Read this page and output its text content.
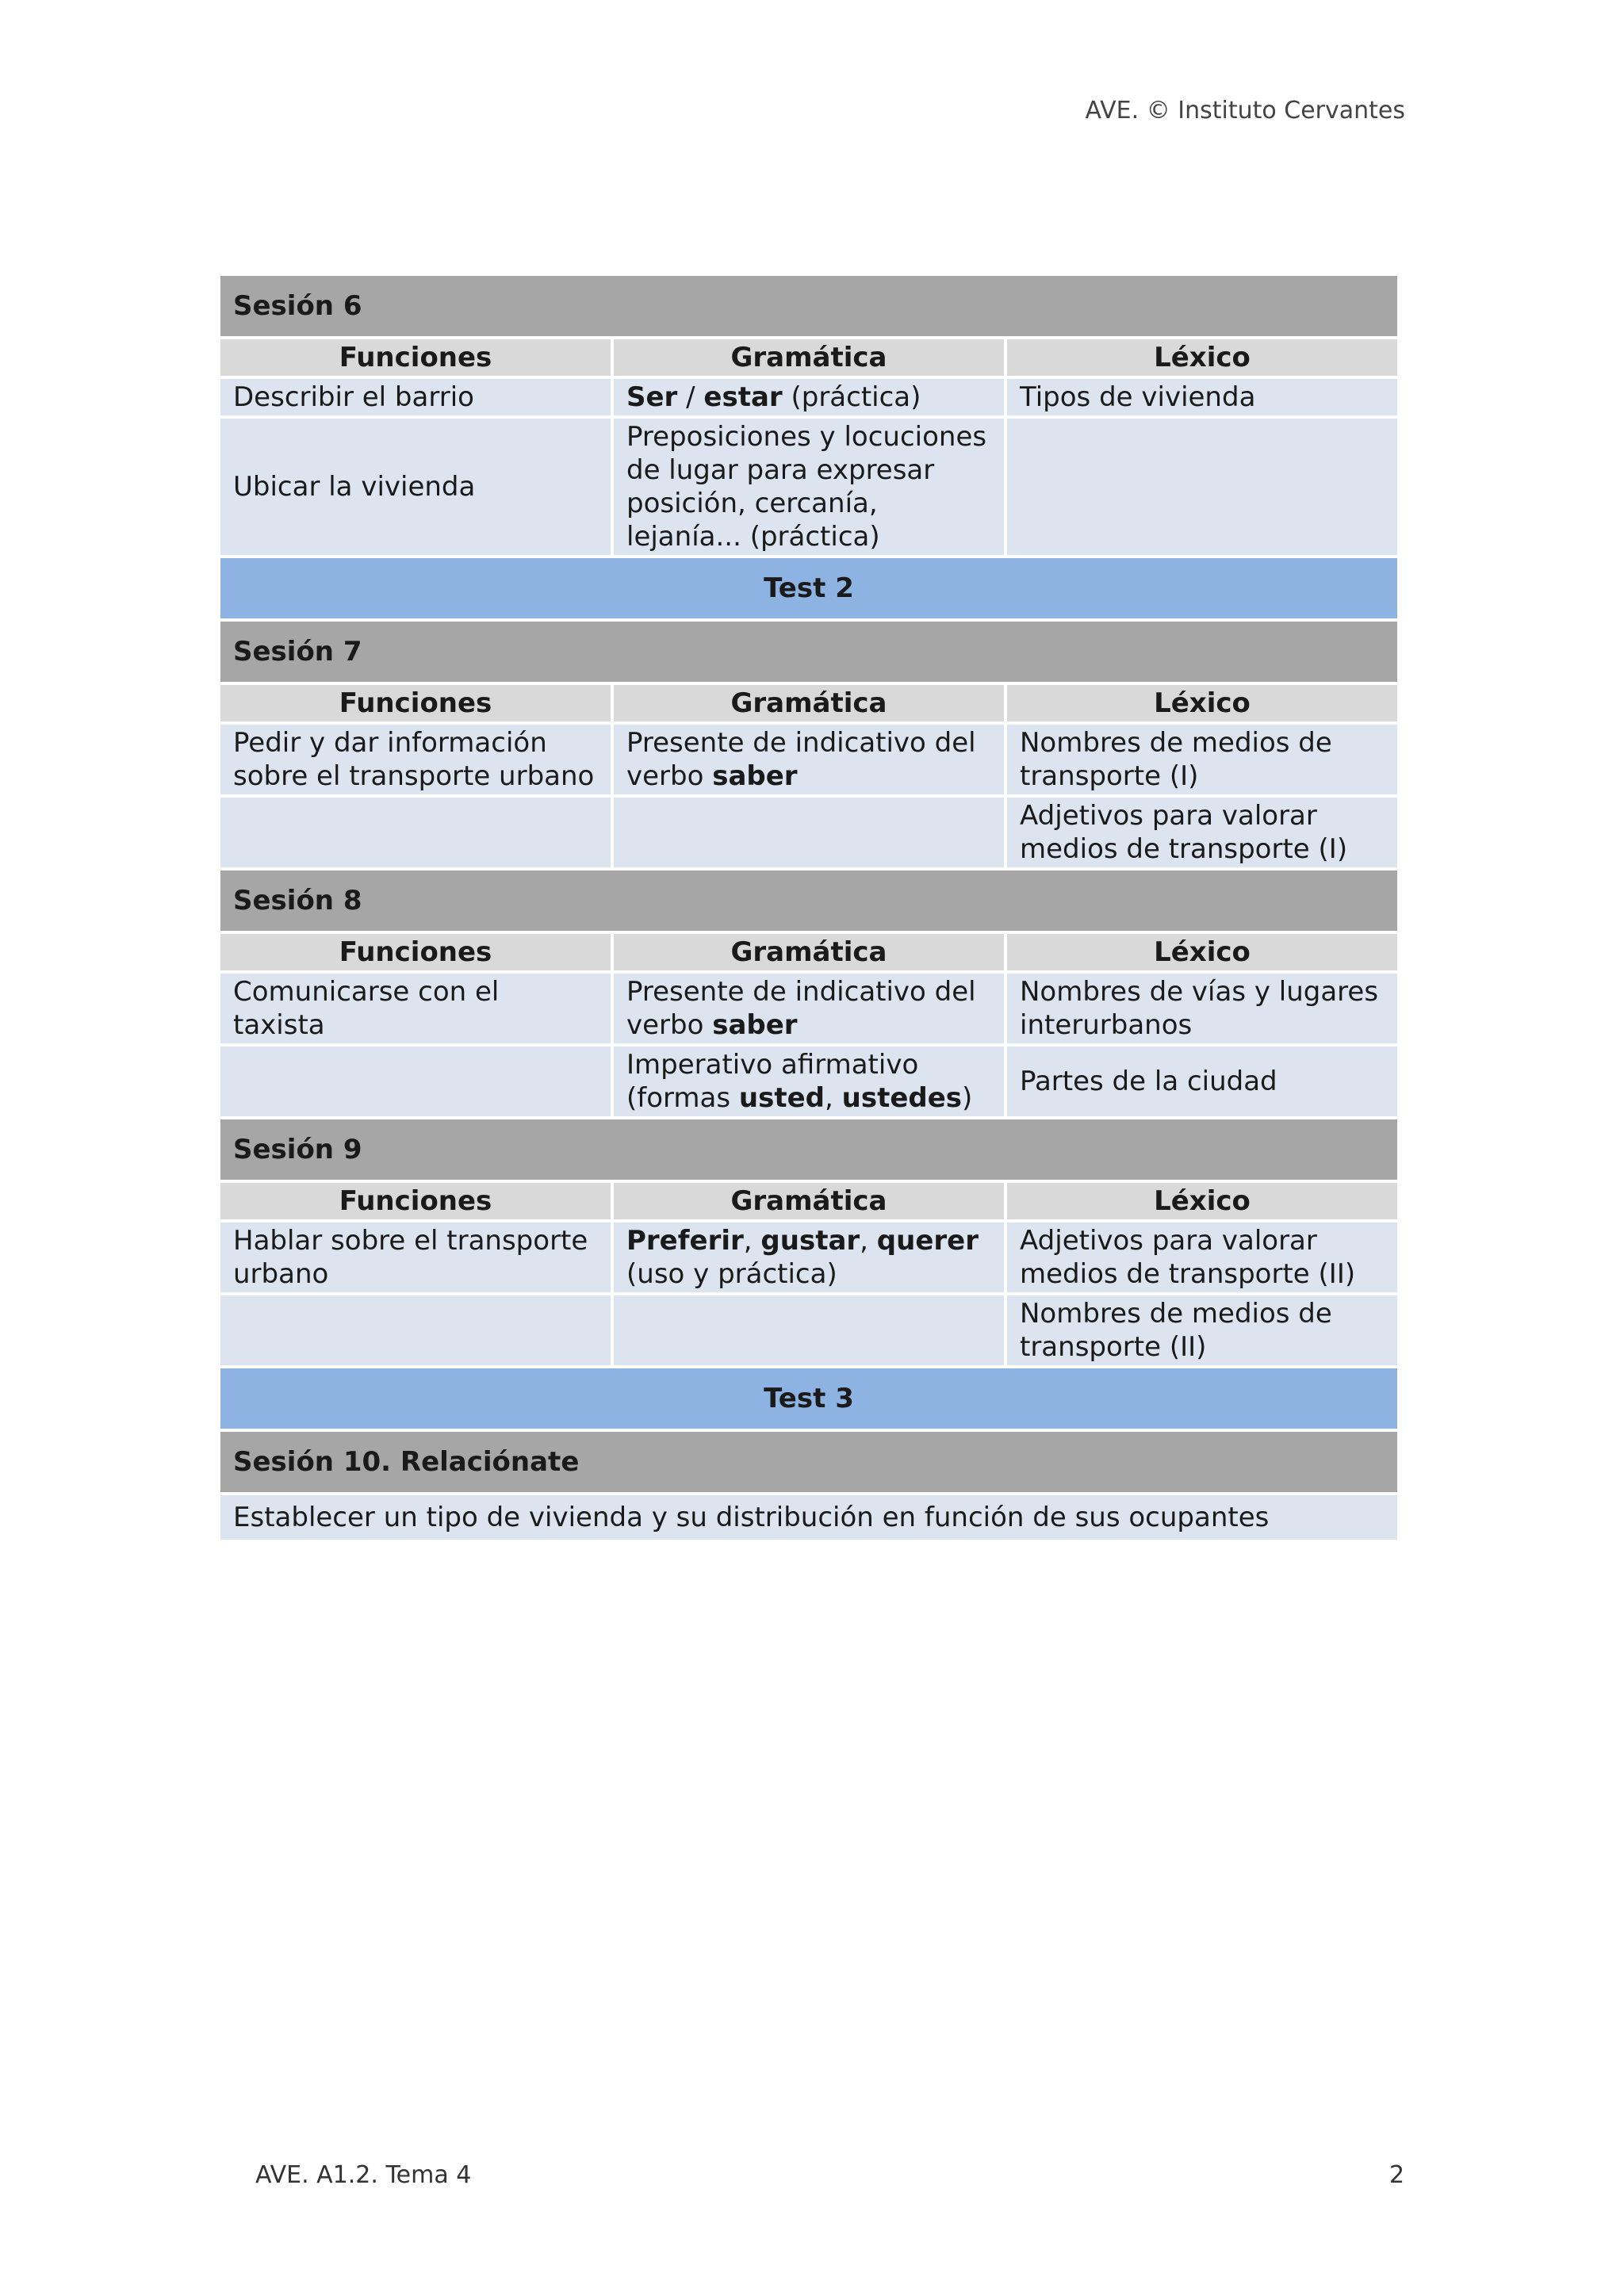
AVE. © Instituto Cervantes
Sesión 6		
Funciones	Gramática	Léxico
Describir el barrio	Ser / estar (práctica)	Tipos de vivienda
Ubicar la vivienda	Preposiciones y locuciones de lugar para expresar posición, cercanía, lejanía... (práctica)	
Test 2		
Sesión 7		
Funciones	Gramática	Léxico
Pedir y dar información sobre el transporte urbano	Presente de indicativo del verbo saber	Nombres de medios de transporte (I)
		Adjetivos para valorar medios de transporte (I)
Sesión 8		
Funciones	Gramática	Léxico
Comunicarse con el taxista	Presente de indicativo del verbo saber	Nombres de vías y lugares interurbanos
	Imperativo afirmativo (formas usted, ustedes)	Partes de la ciudad
Sesión 9		
Funciones	Gramática	Léxico
Hablar sobre el transporte urbano	Preferir, gustar, querer (uso y práctica)	Adjetivos para valorar medios de transporte (II)
		Nombres de medios de transporte (II)
Test 3		
Sesión 10. Relaciónate		
Establecer un tipo de vivienda y su distribución en función de sus ocupantes		
AVE. A1.2. Tema 4	2
